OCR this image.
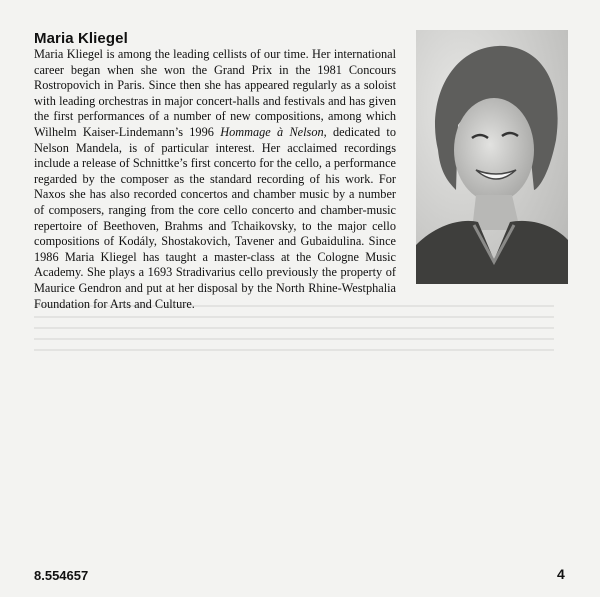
Maria Kliegel

Maria Kliegel is among the leading cellists of our time. Her international career began when she won the Grand Prix in the 1981 Concours Rostropovich in Paris. Since then she has appeared regularly as a soloist with leading orchestras in major concert-halls and festivals and has given the first performances of a number of new compositions, among which Wilhelm Kaiser-Lindemann’s 1996 Hommage à Nelson, dedicated to Nelson Mandela, is of particular interest. Her acclaimed recordings include a release of Schnittke’s first concerto for the cello, a performance regarded by the composer as the standard recording of his work. For Naxos she has also recorded concertos and chamber music by a number of composers, ranging from the core cello concerto and chamber-music repertoire of Beethoven, Brahms and Tchaikovsky, to the major cello compositions of Kodály, Shostakovich, Tavener and Gubaidulina. Since 1986 Maria Kliegel has taught a master-class at the Cologne Music Academy. She plays a 1693 Stradivarius cello previously the property of Maurice Gendron and put at her disposal by the North Rhine-Westphalia Foundation for Arts and Culture.

8.554657	4
